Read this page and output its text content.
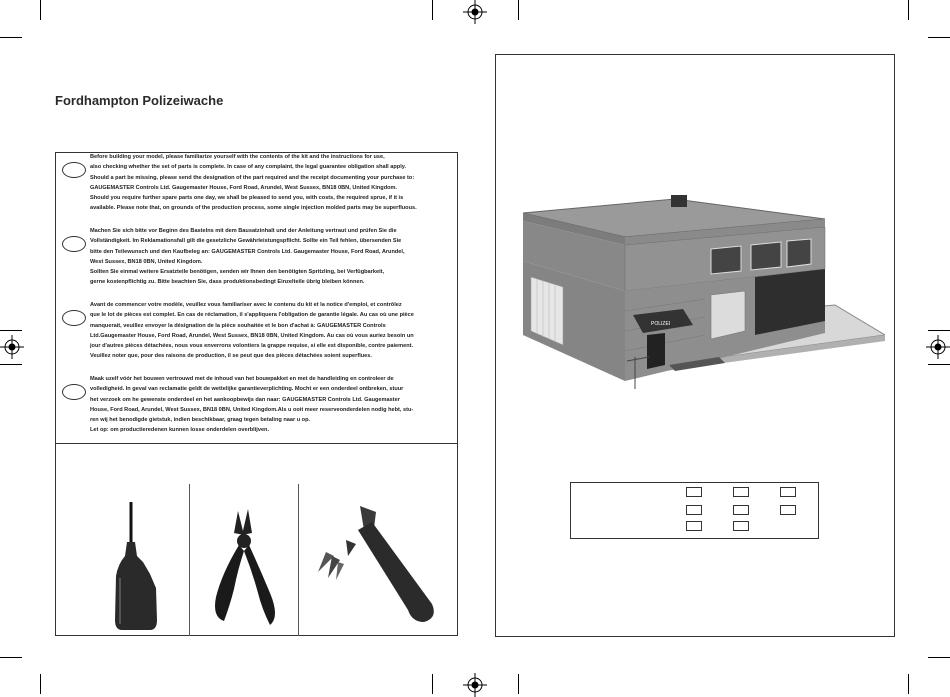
Fordhampton Polizeiwache
Before building your model, please familiarize yourself with the contents of the kit and the instructions for use,
also checking whether the set of parts is complete. In case of any complaint, the legal guarantee obligation shall apply.
Should a part be missing, please send the designation of the part required and the receipt documenting your purchase to:
GAUGEMASTER Controls Ltd. Gaugemaster House, Ford Road, Arundel, West Sussex, BN18 0BN, United Kingdom.
Should you require further spare parts one day, we shall be pleased to send you, with costs, the required sprue, if it is
available. Please note that, on grounds of the production process, some single injection molded parts may be superfluous.
Machen Sie sich bitte vor Beginn des Bastelns mit dem Bausatzinhalt und der Anleitung vertraut und prüfen Sie die
Vollständigkeit. Im Reklamationsfall gilt die gesetzliche Gewährleistungspflicht. Sollte ein Teil fehlen, übersenden Sie
bitte den Teilewunsch und den Kaufbeleg an: GAUGEMASTER Controls Ltd. Gaugemaster House, Ford Road, Arundel,
West Sussex, BN18 0BN, United Kingdom.
Sollten Sie einmal weitere Ersatzteile benötigen, senden wir Ihnen den benötigten Spritzling, bei Verfügbarkeit,
gerne kostenpflichtig zu. Bitte beachten Sie, dass produktionsbedingt Einzelteile übrig bleiben können.
Avant de commencer votre modèle, veuillez vous familiariser avec le contenu du kit et la notice d'emploi, et contrôlez
que le lot de pièces est complet. En cas de réclamation, il s'appliquera l'obligation de garantie légale. Au cas où une pièce
manquerait, veuillez envoyer la désignation de la pièce souhaitée et le bon d'achat à: GAUGEMASTER Controls
Ltd.Gaugemaster House, Ford Road, Arundel, West Sussex, BN18 0BN, United Kingdom. Au cas où vous auriez besoin un
jour d'autres pièces détachées, nous vous enverrons volontiers la grappe requise, si elle est disponible, contre paiement.
Veuillez noter que, pour des raisons de production, il se peut que des pièces détachées soient superflues.
Maak uzelf vóór het bouwen vertrouwd met de inhoud van het bouwpakket en met de handleiding en controleer de
volledigheid. In geval van reclamatie geldt de wettelijke garantieverplichting. Mocht er een onderdeel ontbreken, stuur
het verzoek om he gewenste onderdeel en het aankoopbewijs dan naar: GAUGEMASTER Controls Ltd. Gaugemaster
House, Ford Road, Arundel, West Sussex, BN18 0BN, United Kingdom.Als u ooit meer reserveonderdelen nodig hebt, stu-
ren wij het benodigde gietstuk, indien beschikbaar, graag tegen betaling naar u op.
Let op: om productieredenen kunnen losse onderdelen overblijven.
POLIZEI
